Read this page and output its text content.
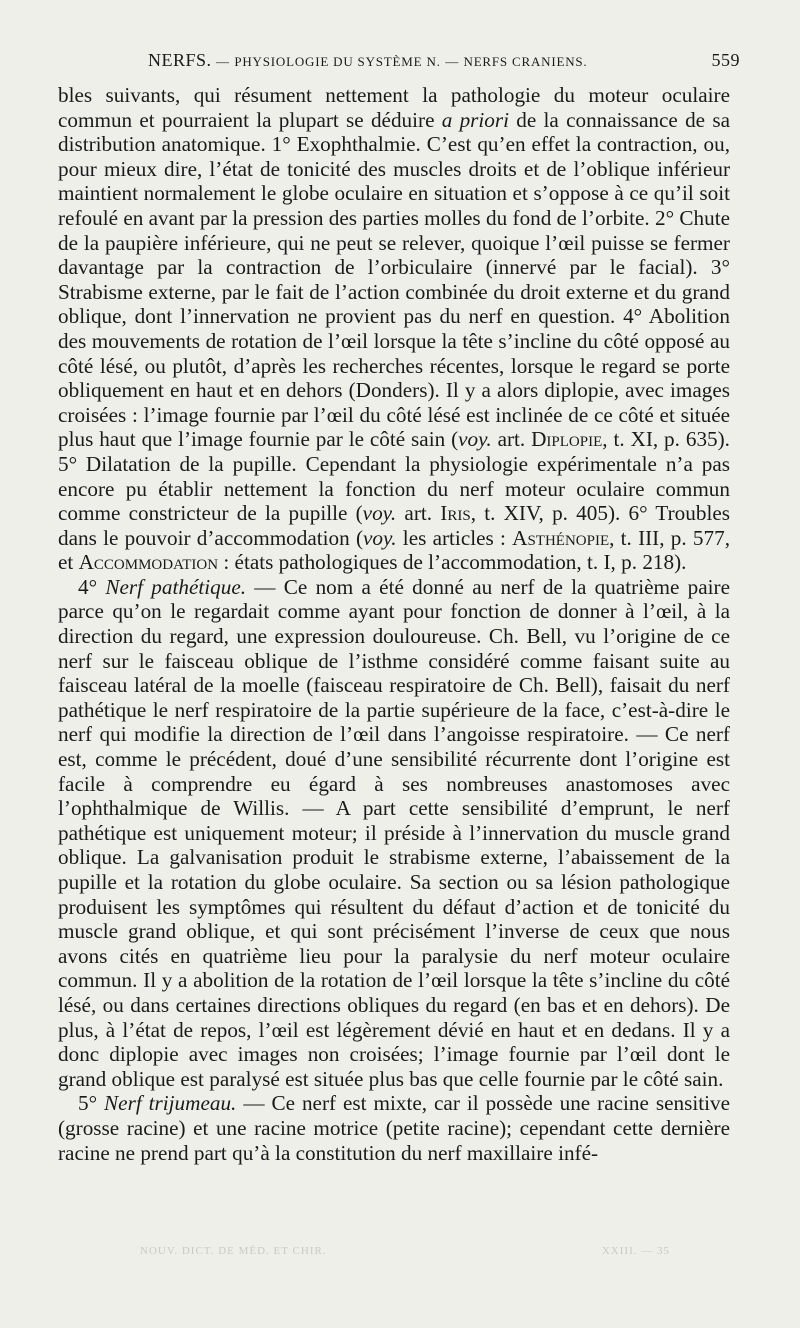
NERFS. — PHYSIOLOGIE DU SYSTÈME N. — NERFS CRANIENS.	559

bles suivants, qui résument nettement la pathologie du moteur oculaire commun et pourraient la plupart se déduire a priori de la connaissance de sa distribution anatomique. 1° Exophthalmie. C’est qu’en effet la contraction, ou, pour mieux dire, l’état de tonicité des muscles droits et de l’oblique inférieur maintient normalement le globe oculaire en situation et s’oppose à ce qu’il soit refoulé en avant par la pression des parties molles du fond de l’orbite. 2° Chute de la paupière inférieure, qui ne peut se relever, quoique l’œil puisse se fermer davantage par la contraction de l’orbiculaire (innervé par le facial). 3° Strabisme externe, par le fait de l’action combinée du droit externe et du grand oblique, dont l’innervation ne provient pas du nerf en question. 4° Abolition des mouvements de rotation de l’œil lorsque la tête s’incline du côté opposé au côté lésé, ou plutôt, d’après les recherches récentes, lorsque le regard se porte obliquement en haut et en dehors (Donders). Il y a alors diplopie, avec images croisées : l’image fournie par l’œil du côté lésé est inclinée de ce côté et située plus haut que l’image fournie par le côté sain (voy. art. Diplopie, t. XI, p. 635). 5° Dilatation de la pupille. Cependant la physiologie expérimentale n’a pas encore pu établir nettement la fonction du nerf moteur oculaire commun comme constricteur de la pupille (voy. art. Iris, t. XIV, p. 405). 6° Troubles dans le pouvoir d’accommodation (voy. les articles : Asthénopie, t. III, p. 577, et Accommodation : états pathologiques de l’accommodation, t. I, p. 218).

4° Nerf pathétique. — Ce nom a été donné au nerf de la quatrième paire parce qu’on le regardait comme ayant pour fonction de donner à l’œil, à la direction du regard, une expression douloureuse. Ch. Bell, vu l’origine de ce nerf sur le faisceau oblique de l’isthme considéré comme faisant suite au faisceau latéral de la moelle (faisceau respiratoire de Ch. Bell), faisait du nerf pathétique le nerf respiratoire de la partie supérieure de la face, c’est-à-dire le nerf qui modifie la direction de l’œil dans l’angoisse respiratoire. — Ce nerf est, comme le précédent, doué d’une sensibilité récurrente dont l’origine est facile à comprendre eu égard à ses nombreuses anastomoses avec l’ophthalmique de Willis. — A part cette sensibilité d’emprunt, le nerf pathétique est uniquement moteur; il préside à l’innervation du muscle grand oblique. La galvanisation produit le strabisme externe, l’abaissement de la pupille et la rotation du globe oculaire. Sa section ou sa lésion pathologique produisent les symptômes qui résultent du défaut d’action et de tonicité du muscle grand oblique, et qui sont précisément l’inverse de ceux que nous avons cités en quatrième lieu pour la paralysie du nerf moteur oculaire commun. Il y a abolition de la rotation de l’œil lorsque la tête s’incline du côté lésé, ou dans certaines directions obliques du regard (en bas et en dehors). De plus, à l’état de repos, l’œil est légèrement dévié en haut et en dedans. Il y a donc diplopie avec images non croisées; l’image fournie par l’œil dont le grand oblique est paralysé est située plus bas que celle fournie par le côté sain.

5° Nerf trijumeau. — Ce nerf est mixte, car il possède une racine sensitive (grosse racine) et une racine motrice (petite racine); cependant cette dernière racine ne prend part qu’à la constitution du nerf maxillaire infé-

NOUV. DICT. DE MÉD. ET CHIR.	XXIII. — 35
